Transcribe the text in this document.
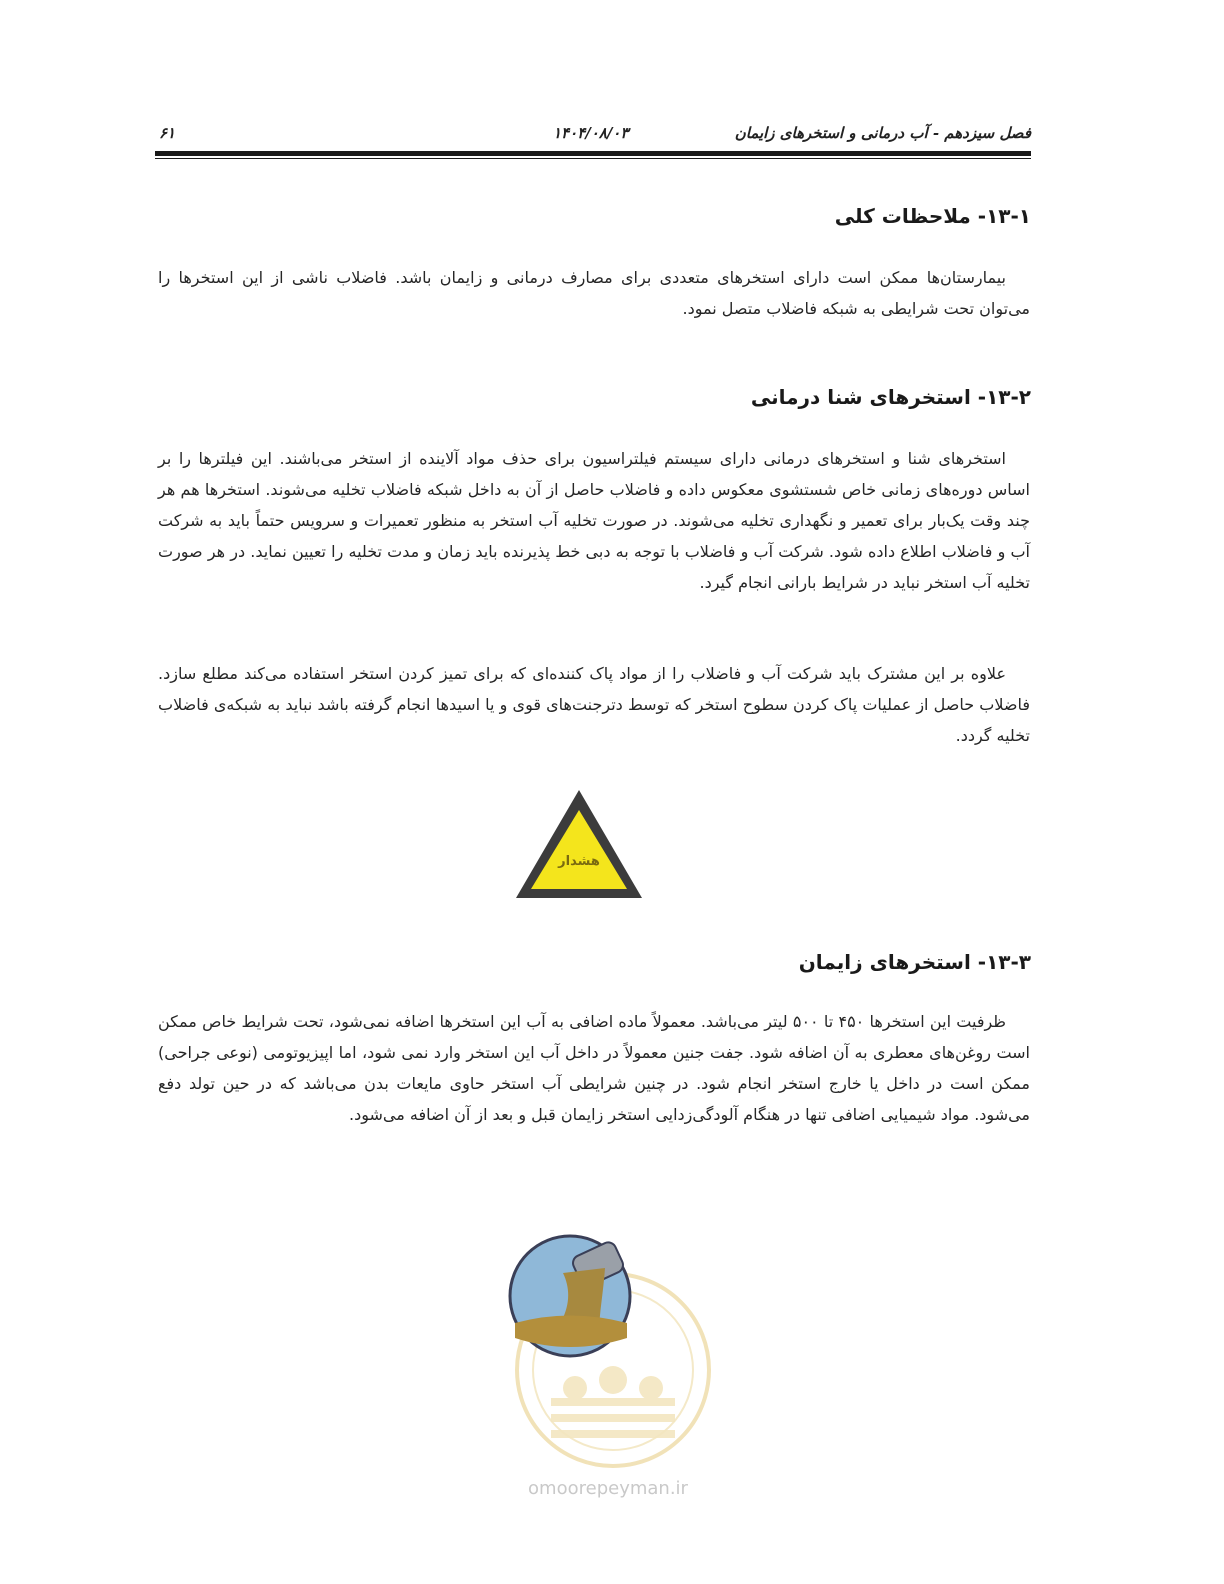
فصل سیزدهم - آب درمانی و استخرهای زایمان
۱۴۰۴/۰۸/۰۳
۶۱
۱۳-۱- ملاحظات کلی
بیمارستان‌ها ممکن است دارای استخرهای متعددی برای مصارف درمانی و زایمان باشد. فاضلاب ناشی از این استخرها را می‌توان تحت شرایطی به شبکه فاضلاب متصل نمود.
۱۳-۲- استخرهای شنا درمانی
استخرهای شنا و استخرهای درمانی دارای سیستم فیلتراسیون برای حذف مواد آلاینده از استخر می‌باشند. این فیلترها را بر اساس دوره‌های زمانی خاص شستشوی معکوس داده و فاضلاب حاصل از آن به داخل شبکه فاضلاب تخلیه می‌شوند. استخرها هم هر چند وقت یک‌بار برای تعمیر و نگهداری تخلیه می‌شوند. در صورت تخلیه آب استخر به منظور تعمیرات و سرویس حتماً باید به شرکت آب و فاضلاب اطلاع داده شود. شرکت آب و فاضلاب با توجه به دبی خط پذیرنده باید زمان و مدت تخلیه را تعیین نماید. در هر صورت تخلیه آب استخر نباید در شرایط بارانی انجام گیرد.
علاوه بر این مشترک باید شرکت آب و فاضلاب را از مواد پاک کننده‌ای که برای تمیز کردن استخر استفاده می‌کند مطلع سازد. فاضلاب حاصل از عملیات پاک کردن سطوح استخر که توسط دترجنت‌های قوی و یا اسیدها انجام گرفته باشد نباید به شبکه‌ی فاضلاب تخلیه گردد.
هشدار
۱۳-۳- استخرهای زایمان
ظرفیت این استخرها ۴۵۰ تا ۵۰۰ لیتر می‌باشد. معمولاً ماده اضافی به آب این استخرها اضافه نمی‌شود، تحت شرایط خاص ممکن است روغن‌های معطری به آن اضافه شود. جفت جنین معمولاً در داخل آب این استخر وارد نمی شود، اما اپیزیوتومی (نوعی جراحی) ممکن است در داخل یا خارج استخر انجام شود. در چنین شرایطی آب استخر حاوی مایعات بدن می‌باشد که در حین تولد دفع می‌شود. مواد شیمیایی اضافی تنها در هنگام آلودگی‌زدایی استخر زایمان قبل و بعد از آن اضافه می‌شود.
omoorepeyman.ir
